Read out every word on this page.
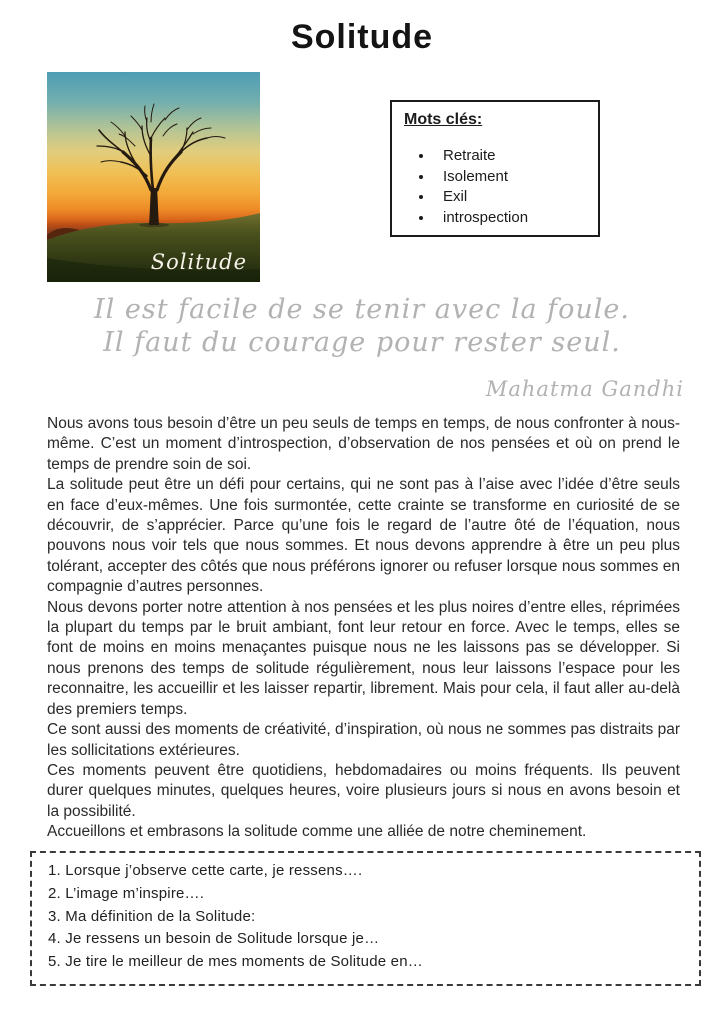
Solitude
Solitude
Mots clés:
• Retraite
• Isolement
• Exil
• introspection
Il est facile de se tenir avec la foule.
Il faut du courage pour rester seul.
Mahatma Gandhi

Nous avons tous besoin d’être un peu seuls de temps en temps, de nous confronter à nous-même. C’est un moment d’introspection, d’observation de nos pensées et où on prend le temps de prendre soin de soi.

La solitude peut être un défi pour certains, qui ne sont pas à l’aise avec l’idée d’être seuls en face d’eux-mêmes. Une fois surmontée, cette crainte se transforme en curiosité de se découvrir, de s’apprécier. Parce qu’une fois le regard de l’autre ôté de l’équation, nous pouvons nous voir tels que nous sommes. Et nous devons apprendre à être un peu plus tolérant, accepter des côtés que nous préférons ignorer ou refuser lorsque nous sommes en compagnie d’autres personnes.

Nous devons porter notre attention à nos pensées et les plus noires d’entre elles, réprimées la plupart du temps par le bruit ambiant, font leur retour en force. Avec le temps, elles se font de moins en moins menaçantes puisque nous ne les laissons pas se développer. Si nous prenons des temps de solitude régulièrement, nous leur laissons l’espace pour les reconnaitre, les accueillir et les laisser repartir, librement. Mais pour cela, il faut aller au-delà des premiers temps.

Ce sont aussi des moments de créativité, d’inspiration, où nous ne sommes pas distraits par les sollicitations extérieures.

Ces moments peuvent être quotidiens, hebdomadaires ou moins fréquents. Ils peuvent durer quelques minutes, quelques heures, voire plusieurs jours si nous en avons besoin et la possibilité.

Accueillons et embrasons la solitude comme une alliée de notre cheminement.

1. Lorsque j’observe cette carte, je ressens….
2. L’image m’inspire….
3. Ma définition de la Solitude:
4. Je ressens un besoin de Solitude lorsque je…
5. Je tire le meilleur de mes moments de Solitude en…
